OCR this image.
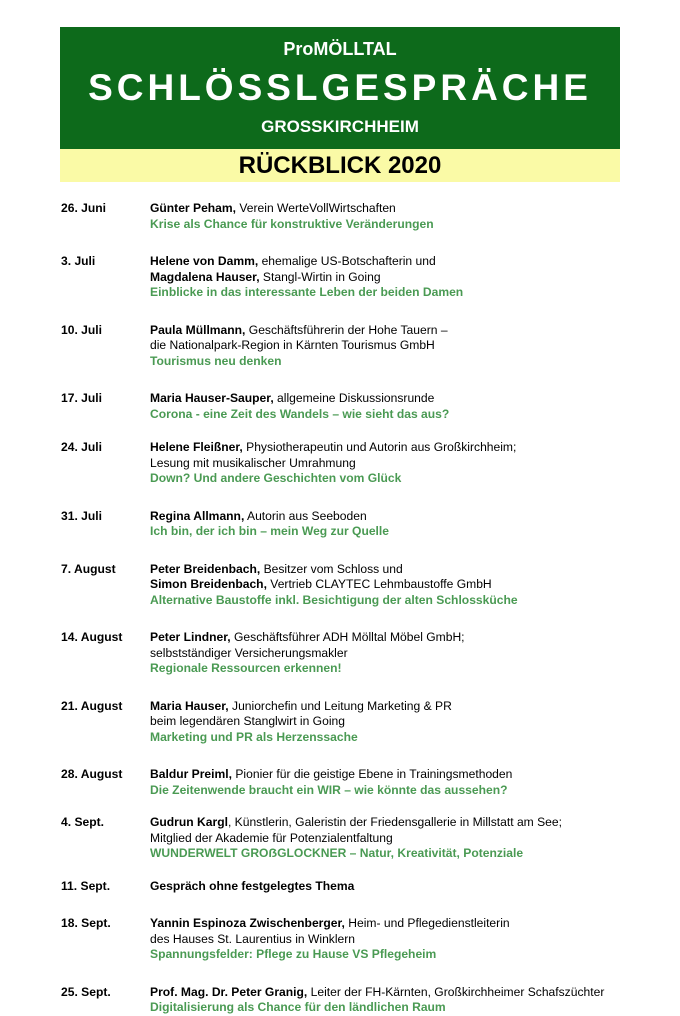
ProMÖLLTAL
SCHLÖSSLGESPRÄCHE
GROSSKIRCHHEIM
RÜCKBLICK 2020
26. Juni	Günter Peham, Verein WerteVollWirtschaften
Krise als Chance für konstruktive Veränderungen
3. Juli	Helene von Damm, ehemalige US-Botschafterin und
Magdalena Hauser, Stangl-Wirtin in Going
Einblicke in das interessante Leben der beiden Damen
10. Juli	Paula Müllmann, Geschäftsführerin der Hohe Tauern –
die Nationalpark-Region in Kärnten Tourismus GmbH
Tourismus neu denken
17. Juli	Maria Hauser-Sauper, allgemeine Diskussionsrunde
Corona - eine Zeit des Wandels – wie sieht das aus?
24. Juli	Helene Fleißner, Physiotherapeutin und Autorin aus Großkirchheim;
Lesung mit musikalischer Umrahmung
Down? Und andere Geschichten vom Glück
31. Juli	Regina Allmann, Autorin aus Seeboden
Ich bin, der ich bin – mein Weg zur Quelle
7. August	Peter Breidenbach, Besitzer vom Schloss und
Simon Breidenbach, Vertrieb CLAYTEC Lehmbaustoffe GmbH
Alternative Baustoffe inkl. Besichtigung der alten Schlossküche
14. August Peter Lindner, Geschäftsführer ADH Mölltal Möbel GmbH;
selbstständiger Versicherungsmakler
Regionale Ressourcen erkennen!
21. August Maria Hauser, Juniorchefin und Leitung Marketing & PR
beim legendären Stanglwirt in Going
Marketing und PR als Herzenssache
28. August Baldur Preiml, Pionier für die geistige Ebene in Trainingsmethoden
Die Zeitenwende braucht ein WIR – wie könnte das aussehen?
4. Sept.	Gudrun Kargl, Künstlerin, Galeristin der Friedensgallerie in Millstatt am See;
Mitglied der Akademie für Potenzialentfaltung
WUNDERWELT GROẞGLOCKNER – Natur, Kreativität, Potenziale
11. Sept.	Gespräch ohne festgelegtes Thema
18. Sept.	Yannin Espinoza Zwischenberger, Heim- und Pflegedienstleiterin
des Hauses St. Laurentius in Winklern
Spannungsfelder: Pflege zu Hause VS Pflegeheim
25. Sept.	Prof. Mag. Dr. Peter Granig, Leiter der FH-Kärnten, Großkirchheimer Schafszüchter
Digitalisierung als Chance für den ländlichen Raum
